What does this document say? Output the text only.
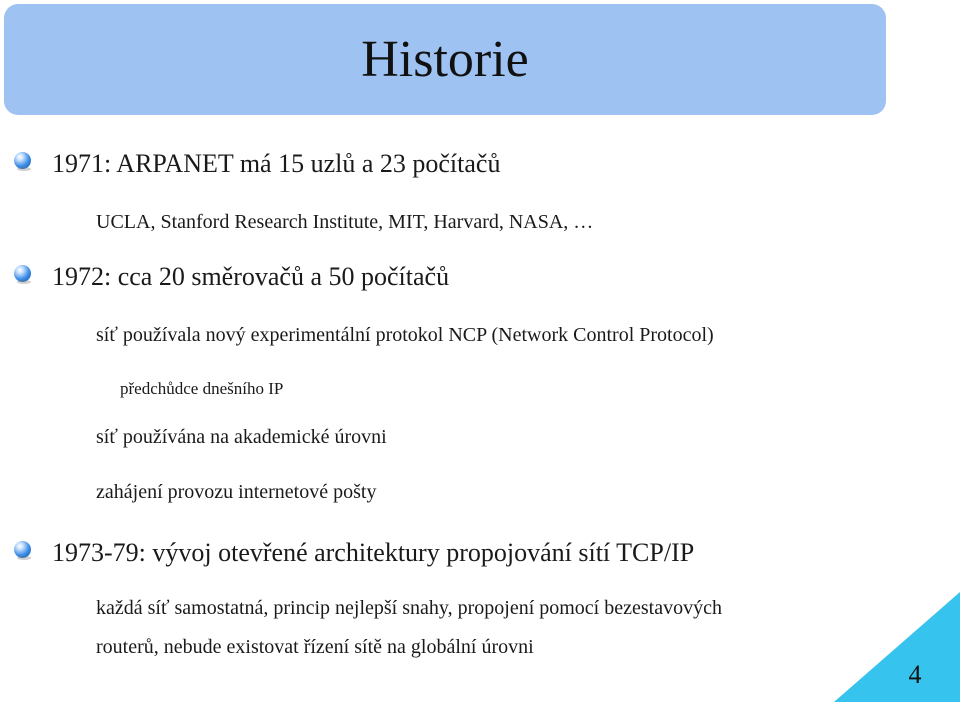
Historie
1971: ARPANET má 15 uzlů a 23 počítačů
UCLA, Stanford Research Institute, MIT, Harvard, NASA, …
1972: cca 20 směrovačů a 50 počítačů
síť používala nový experimentální protokol NCP (Network Control Protocol)
předchůdce dnešního IP
síť používána na akademické úrovni
zahájení provozu internetové pošty
1973-79: vývoj otevřené architektury propojování sítí TCP/IP
každá síť samostatná, princip nejlepší snahy, propojení pomocí bezestavových
routerů, nebude existovat řízení sítě na globální úrovni
4
